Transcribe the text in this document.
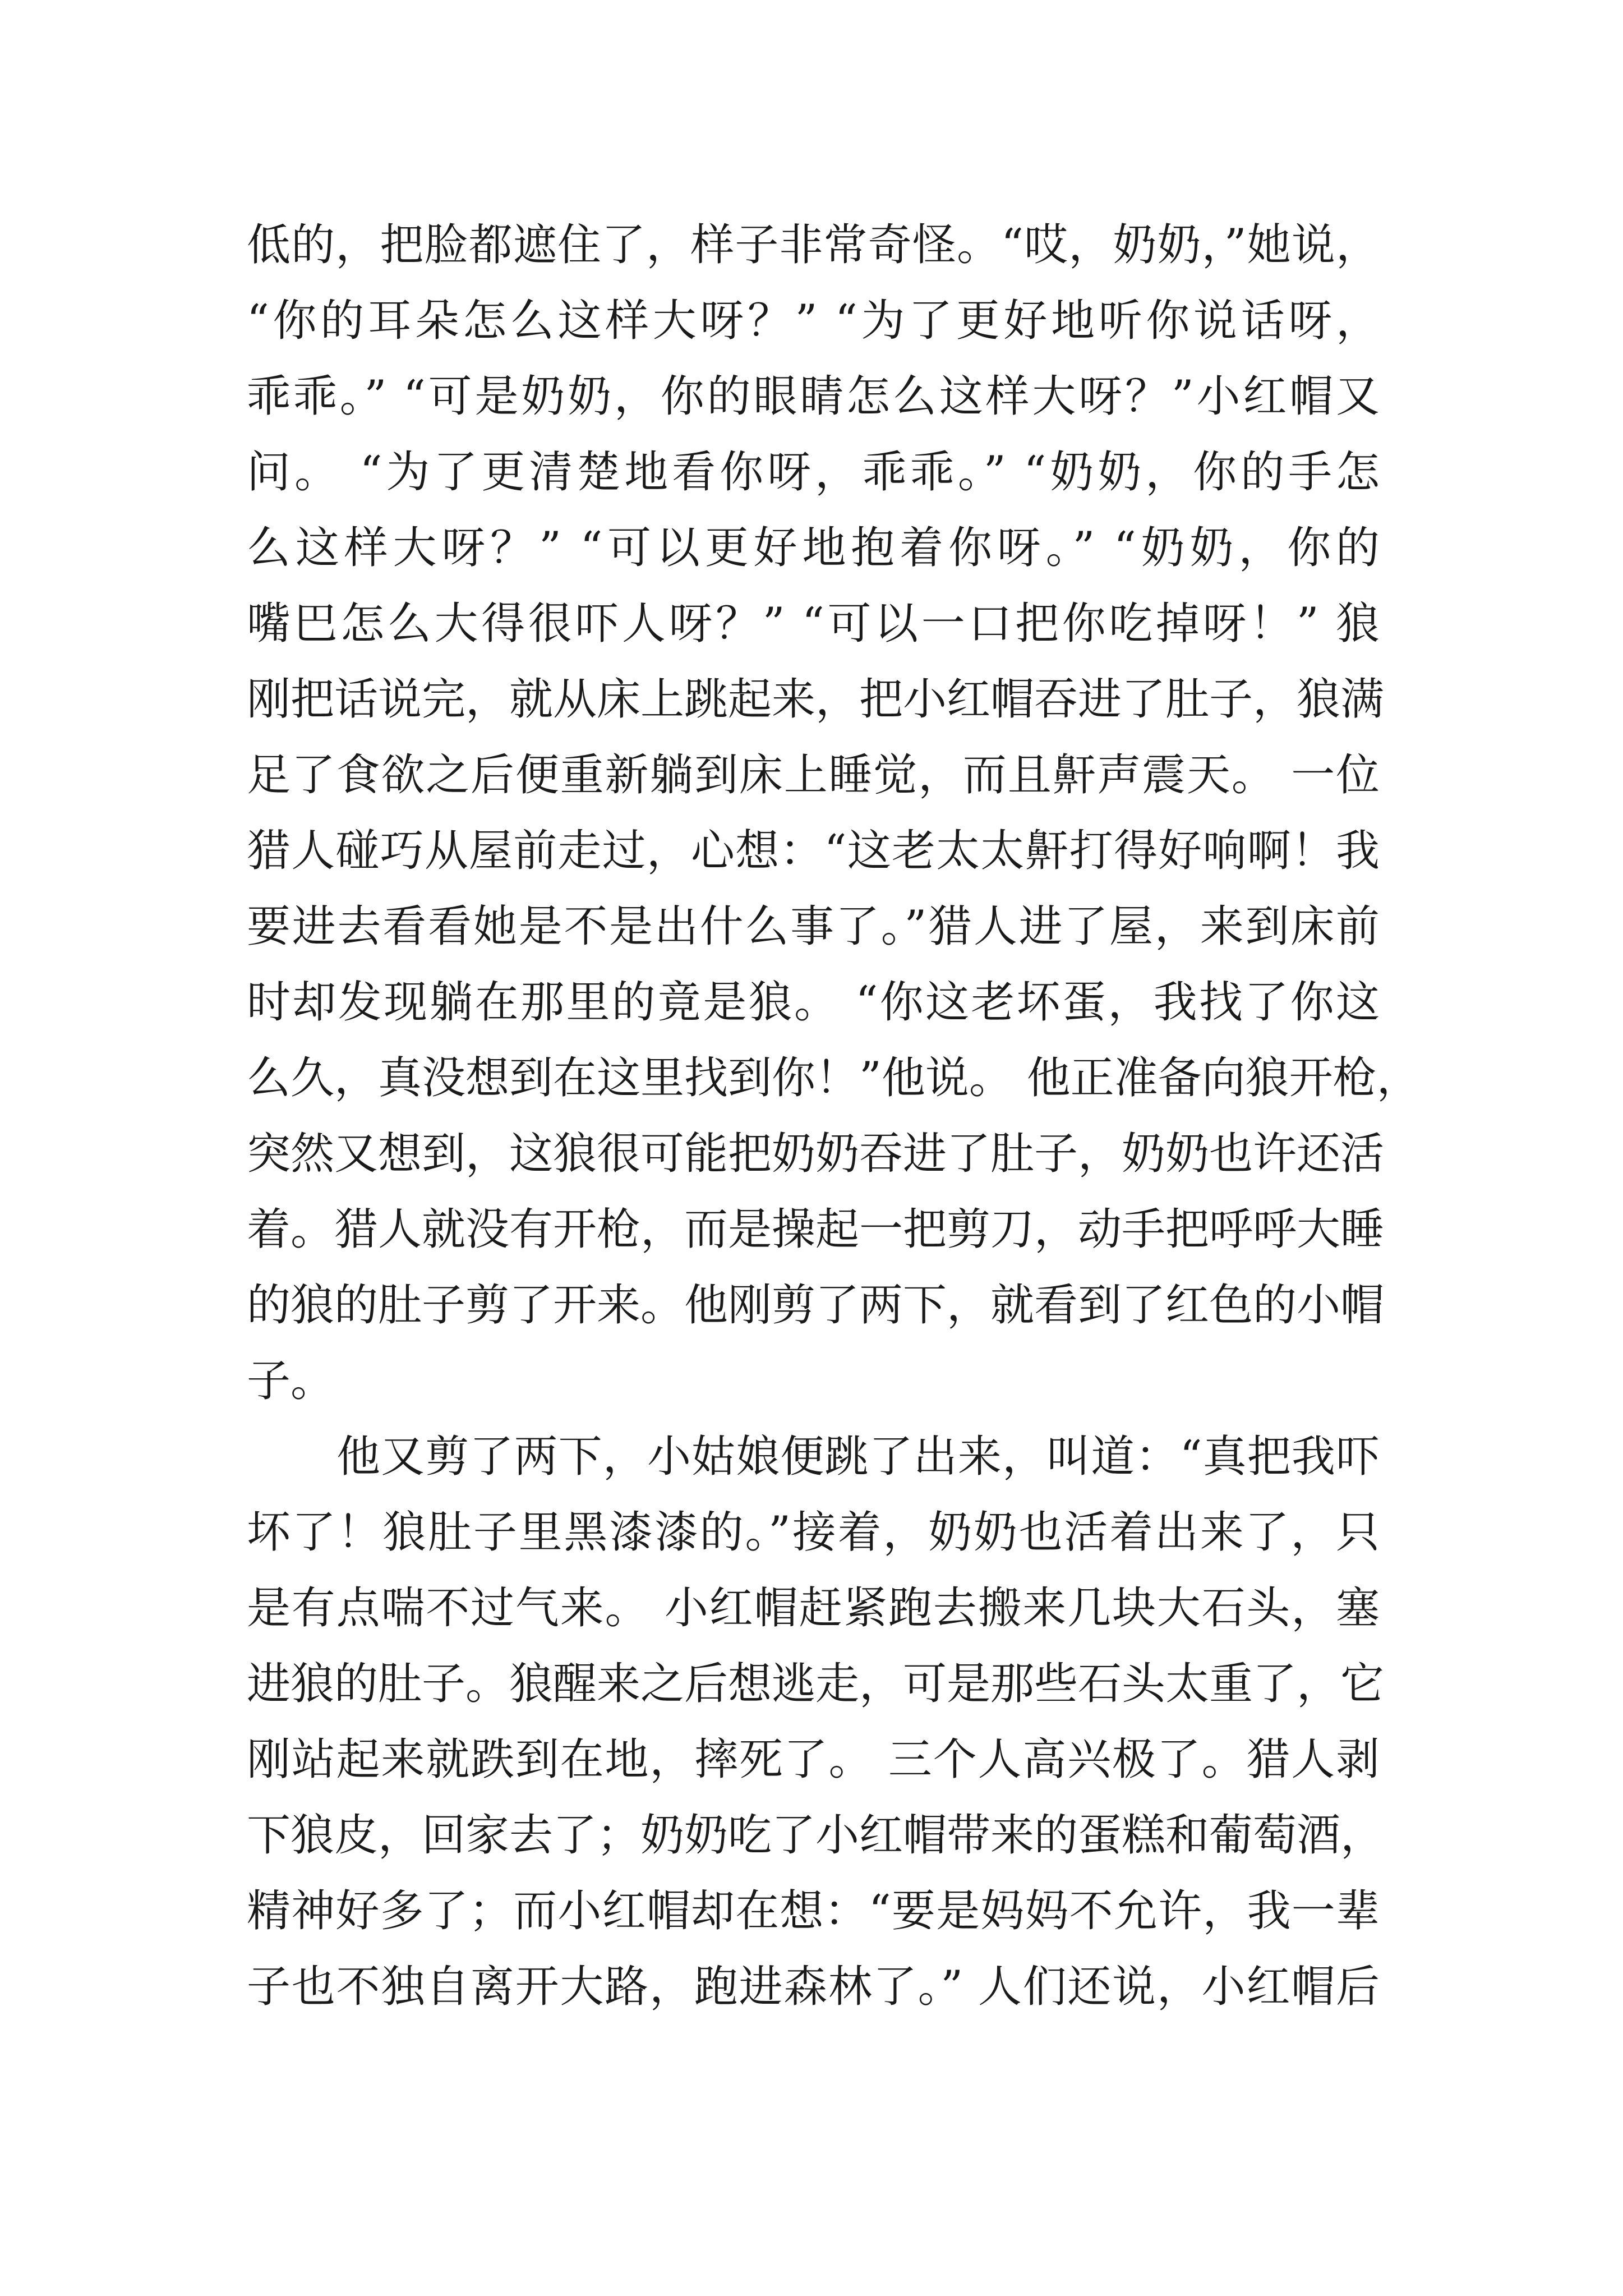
低的，把脸都遮住了，样子非常奇怪。“哎，奶奶，”她说，
“你的耳朵怎么这样大呀？” “为了更好地听你说话呀，
乖乖。” “可是奶奶，你的眼睛怎么这样大呀？”小红帽又
问。 “为了更清楚地看你呀，乖乖。” “奶奶，你的手怎
么这样大呀？” “可以更好地抱着你呀。” “奶奶，你的
嘴巴怎么大得很吓人呀？” “可以一口把你吃掉呀！” 狼
刚把话说完，就从床上跳起来，把小红帽吞进了肚子，狼满
足了食欲之后便重新躺到床上睡觉，而且鼾声震天。 一位
猎人碰巧从屋前走过，心想：“这老太太鼾打得好响啊！我
要进去看看她是不是出什么事了。”猎人进了屋，来到床前
时却发现躺在那里的竟是狼。 “你这老坏蛋，我找了你这
么久，真没想到在这里找到你！”他说。 他正准备向狼开枪，
突然又想到，这狼很可能把奶奶吞进了肚子，奶奶也许还活
着。猎人就没有开枪，而是操起一把剪刀，动手把呼呼大睡
的狼的肚子剪了开来。他刚剪了两下，就看到了红色的小帽
子。
他又剪了两下，小姑娘便跳了出来，叫道：“真把我吓
坏了！狼肚子里黑漆漆的。”接着，奶奶也活着出来了，只
是有点喘不过气来。 小红帽赶紧跑去搬来几块大石头，塞
进狼的肚子。狼醒来之后想逃走，可是那些石头太重了，它
刚站起来就跌到在地，摔死了。 三个人高兴极了。猎人剥
下狼皮，回家去了；奶奶吃了小红帽带来的蛋糕和葡萄酒，
精神好多了；而小红帽却在想：“要是妈妈不允许，我一辈
子也不独自离开大路，跑进森林了。” 人们还说，小红帽后
